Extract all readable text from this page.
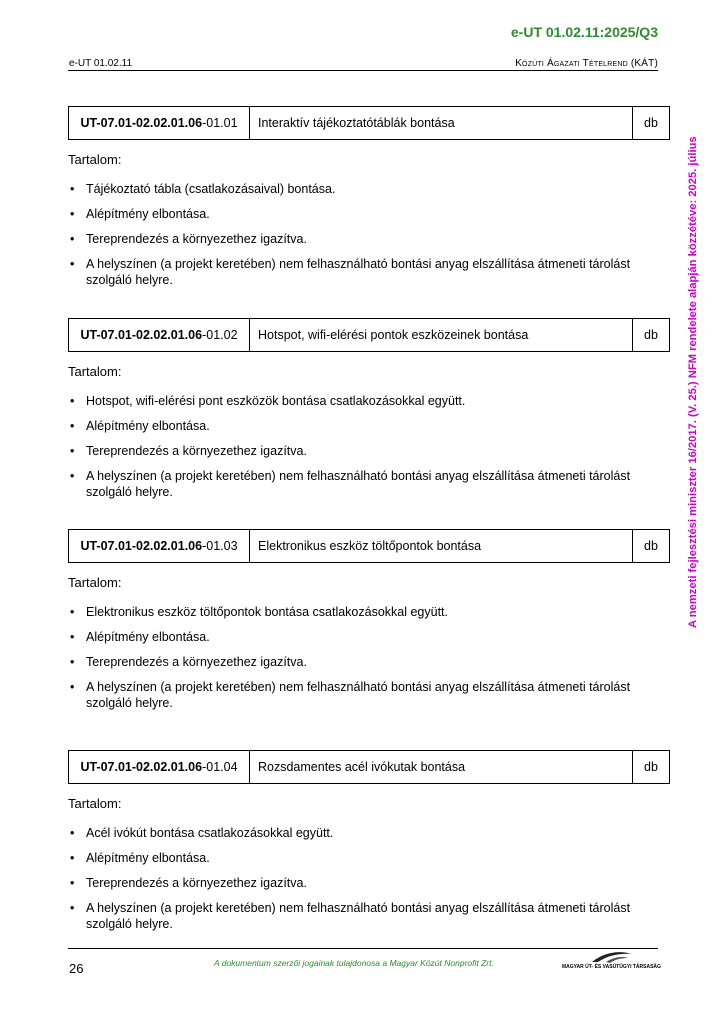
e-UT 01.02.11:2025/Q3
e-UT 01.02.11	Közúti Ágazati Tételrend (KÁT)
A nemzeti fejlesztési miniszter 16/2017. (V. 25.) NFM rendelete alapján közzétéve: 2025. július
UT-07.01-02.02.01.06 -01.01	Interaktív tájékoztatótáblák bontása	db
Tartalom:
• Tájékoztató tábla (csatlakozásaival) bontása.
• Alépítmény elbontása.
• Tereprendezés a környezethez igazítva.
• A helyszínen (a projekt keretében) nem felhasználható bontási anyag elszállítása átmeneti tárolást szolgáló helyre.
UT-07.01-02.02.01.06 -01.02	Hotspot, wifi-elérési pontok eszközeinek bontása	db
Tartalom:
• Hotspot, wifi-elérési pont eszközök bontása csatlakozásokkal együtt.
• Alépítmény elbontása.
• Tereprendezés a környezethez igazítva.
• A helyszínen (a projekt keretében) nem felhasználható bontási anyag elszállítása átmeneti tárolást szolgáló helyre.
UT-07.01-02.02.01.06 -01.03	Elektronikus eszköz töltőpontok bontása	db
Tartalom:
• Elektronikus eszköz töltőpontok bontása csatlakozásokkal együtt.
• Alépítmény elbontása.
• Tereprendezés a környezethez igazítva.
• A helyszínen (a projekt keretében) nem felhasználható bontási anyag elszállítása átmeneti tárolást szolgáló helyre.
UT-07.01-02.02.01.06 -01.04	Rozsdamentes acél ivókutak bontása	db
Tartalom:
• Acél ivókút bontása csatlakozásokkal együtt.
• Alépítmény elbontása.
• Tereprendezés a környezethez igazítva.
• A helyszínen (a projekt keretében) nem felhasználható bontási anyag elszállítása átmeneti tárolást szolgáló helyre.
26	A dokumentum szerzői jogainak tulajdonosa a Magyar Közút Nonprofit Zrt.	MAGYAR ÚT- ÉS VASÚTÜGYI TÁRSASÁG
